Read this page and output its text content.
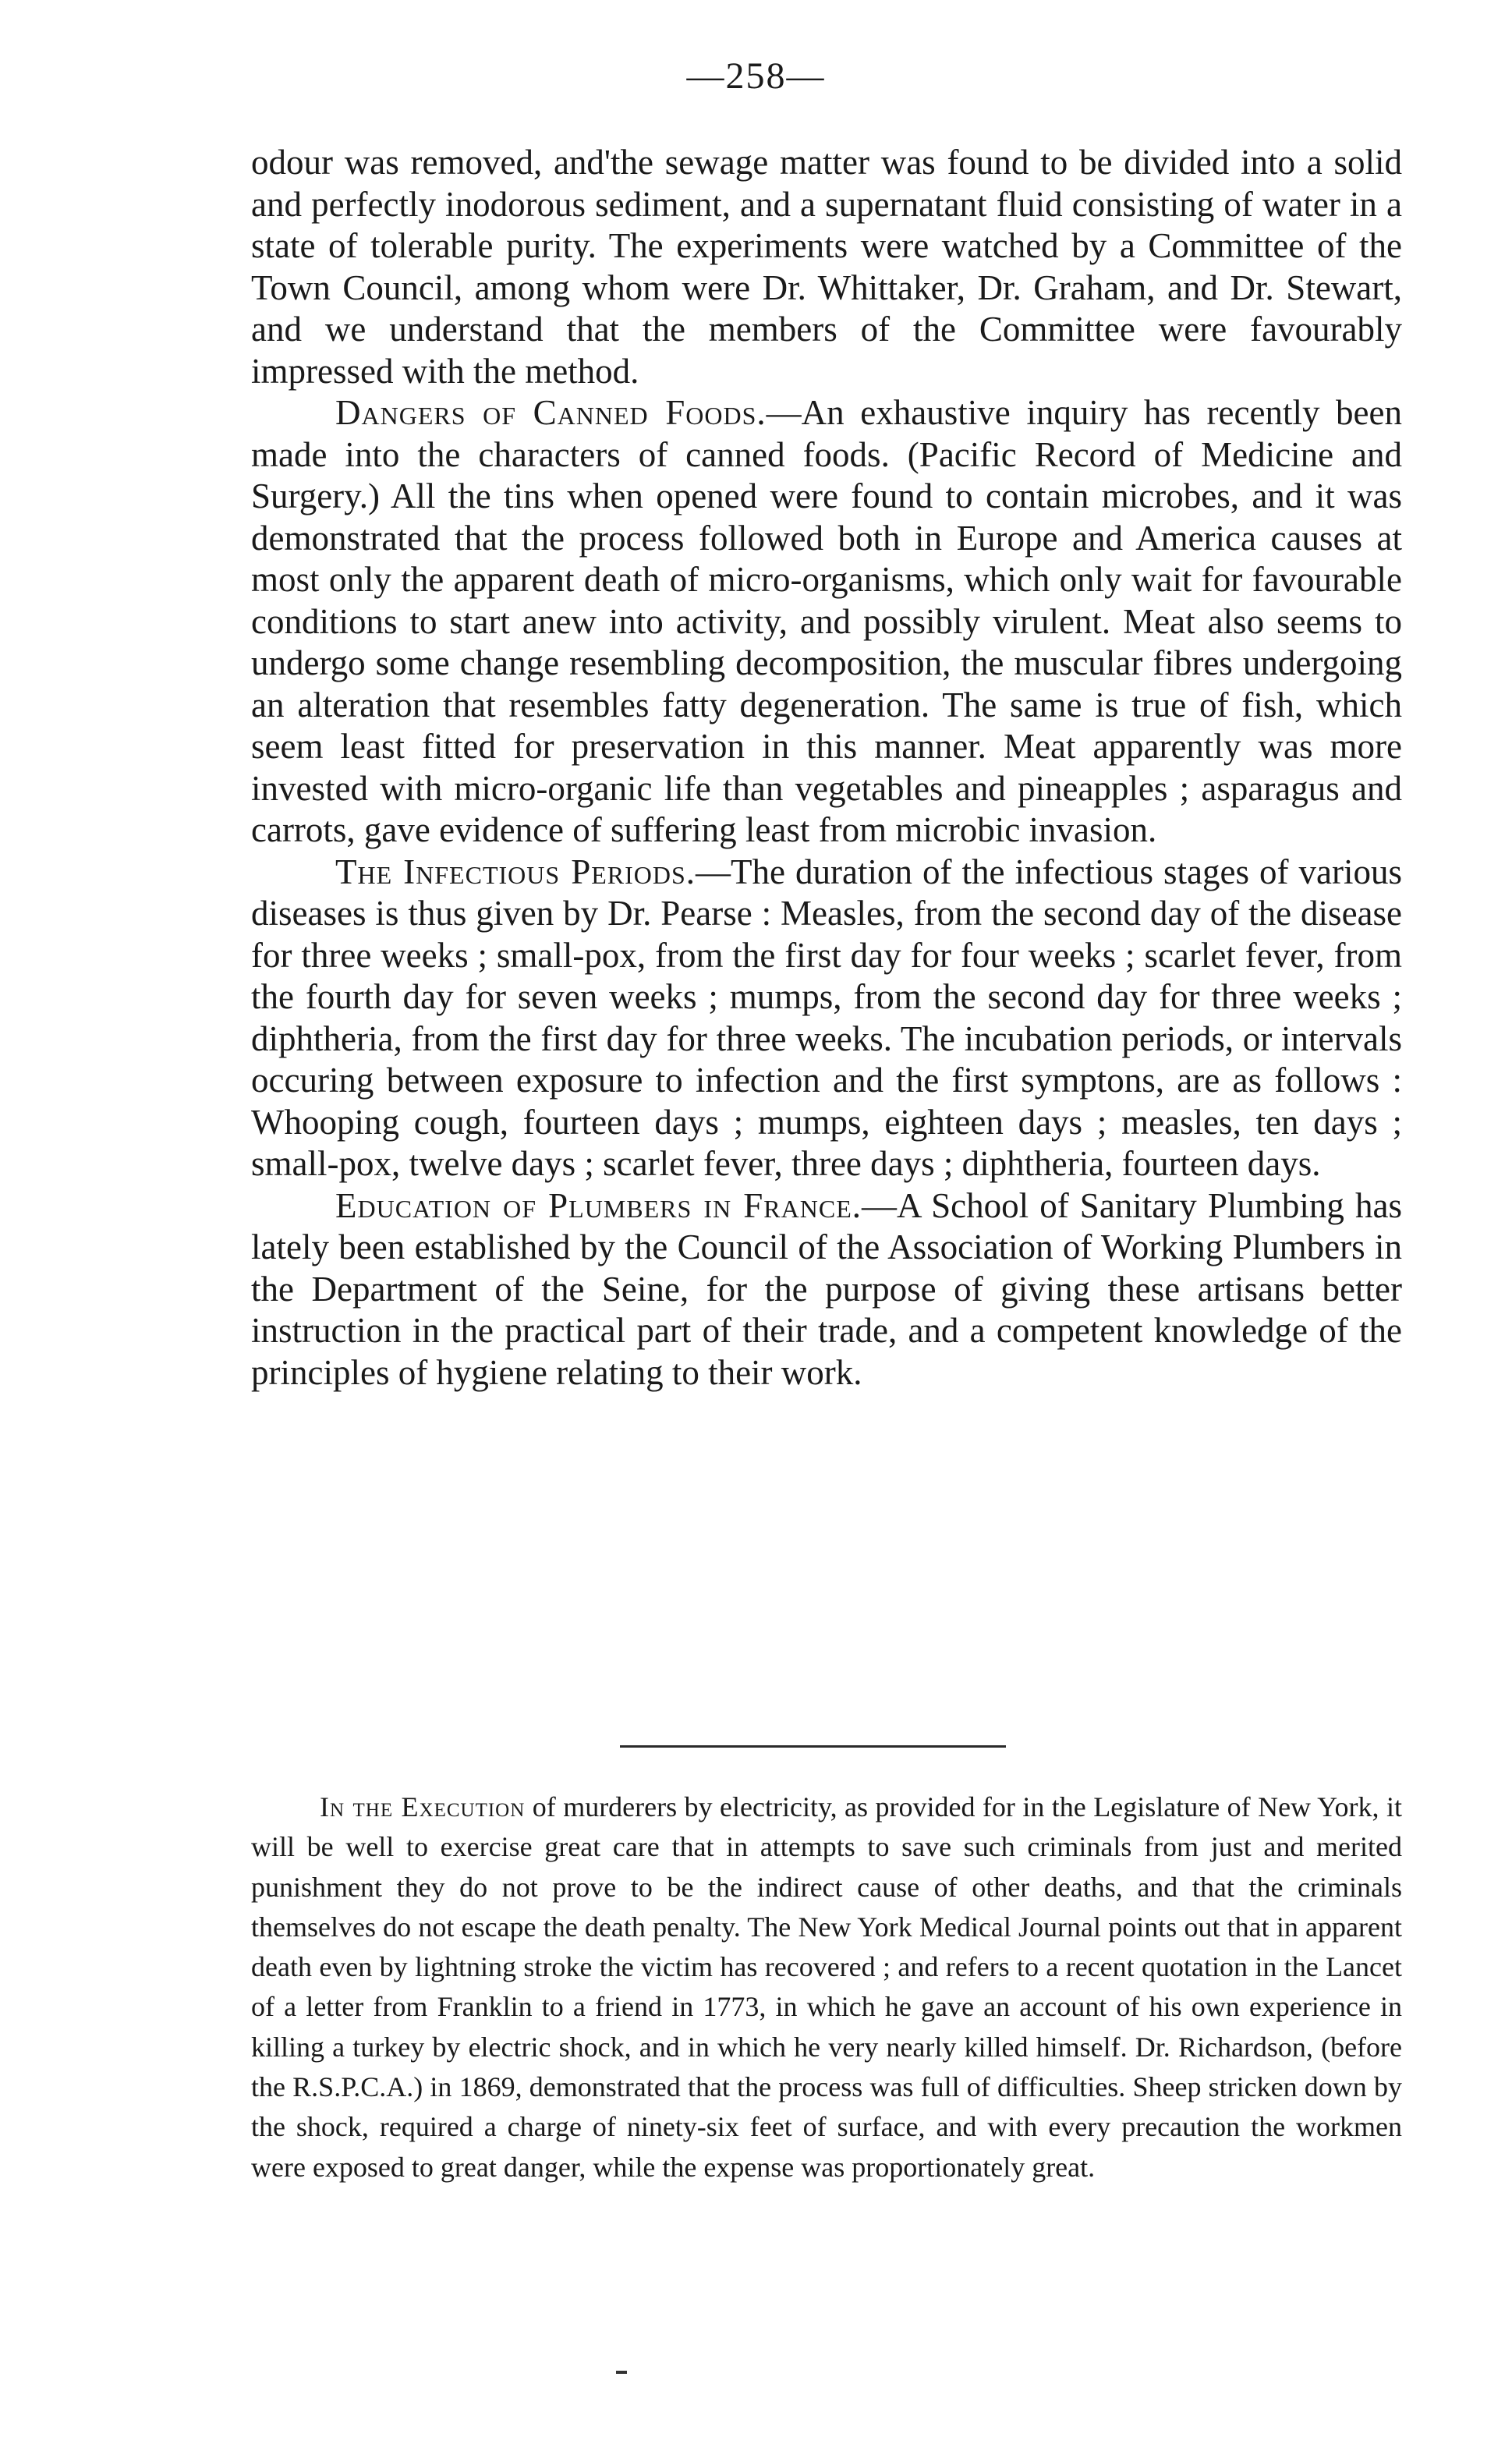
—258—

odour was removed, and'the sewage matter was found to be divided into a solid and perfectly inodorous sediment, and a supernatant fluid consisting of water in a state of tolerable purity. The experiments were watched by a Committee of the Town Council, among whom were Dr. Whittaker, Dr. Graham, and Dr. Stewart, and we understand that the members of the Committee were favourably impressed with the method.

Dangers of Canned Foods.—An exhaustive inquiry has recently been made into the characters of canned foods. (Pacific Record of Medicine and Surgery.) All the tins when opened were found to contain microbes, and it was demonstrated that the process followed both in Europe and America causes at most only the apparent death of micro-organisms, which only wait for favourable conditions to start anew into activity, and possibly virulent. Meat also seems to undergo some change resembling decomposition, the muscular fibres undergoing an alteration that resembles fatty degeneration. The same is true of fish, which seem least fitted for preservation in this manner. Meat apparently was more invested with micro-organic life than vegetables and pineapples ; asparagus and carrots, gave evidence of suffering least from microbic invasion.

The Infectious Periods.—The duration of the infectious stages of various diseases is thus given by Dr. Pearse : Measles, from the second day of the disease for three weeks ; small-pox, from the first day for four weeks ; scarlet fever, from the fourth day for seven weeks ; mumps, from the second day for three weeks ; diphtheria, from the first day for three weeks. The incubation periods, or intervals occuring between exposure to infection and the first symptons, are as follows : Whooping cough, fourteen days ; mumps, eighteen days ; measles, ten days ; small-pox, twelve days ; scarlet fever, three days ; diphtheria, fourteen days.

Education of Plumbers in France.—A School of Sanitary Plumbing has lately been established by the Council of the Association of Working Plumbers in the Department of the Seine, for the purpose of giving these artisans better instruction in the practical part of their trade, and a competent knowledge of the principles of hygiene relating to their work.

In the Execution of murderers by electricity, as provided for in the Legislature of New York, it will be well to exercise great care that in attempts to save such criminals from just and merited punishment they do not prove to be the indirect cause of other deaths, and that the criminals themselves do not escape the death penalty. The New York Medical Journal points out that in apparent death even by lightning stroke the victim has recovered ; and refers to a recent quotation in the Lancet of a letter from Franklin to a friend in 1773, in which he gave an account of his own experience in killing a turkey by electric shock, and in which he very nearly killed himself. Dr. Richardson, (before the R.S.P.C.A.) in 1869, demonstrated that the process was full of difficulties. Sheep stricken down by the shock, required a charge of ninety-six feet of surface, and with every precaution the workmen were exposed to great danger, while the expense was proportionately great.
